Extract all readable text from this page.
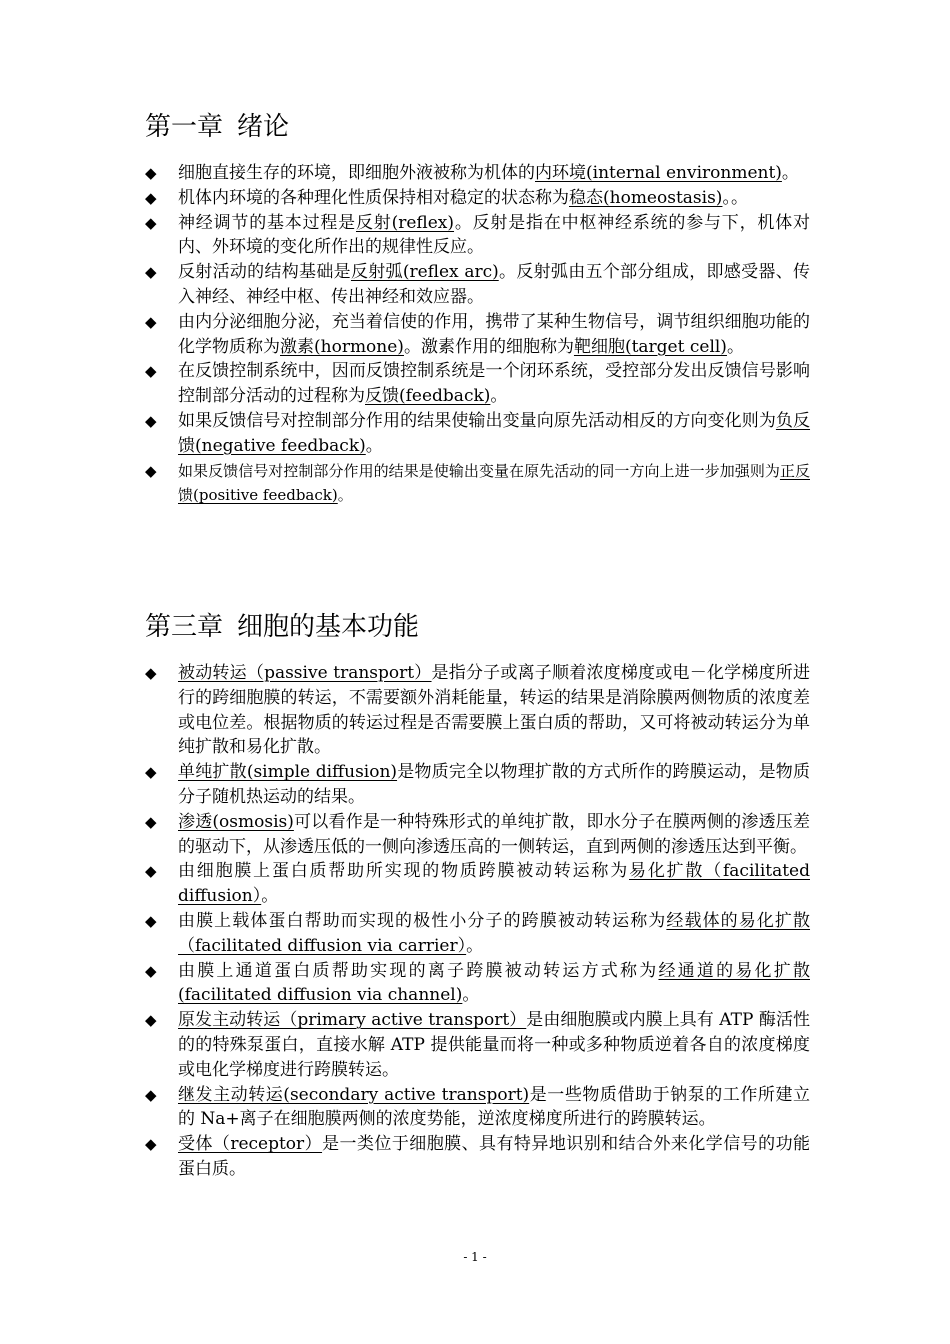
第一章 绪论
◆ 细胞直接生存的环境，即细胞外液被称为机体的内环境(internal environment)。
◆ 机体内环境的各种理化性质保持相对稳定的状态称为稳态(homeostasis)。。
◆ 神经调节的基本过程是反射(reflex)。反射是指在中枢神经系统的参与下，机体对内、外环境的变化所作出的规律性反应。
◆ 反射活动的结构基础是反射弧(reflex arc)。反射弧由五个部分组成，即感受器、传入神经、神经中枢、传出神经和效应器。
◆ 由内分泌细胞分泌，充当着信使的作用，携带了某种生物信号，调节组织细胞功能的化学物质称为激素(hormone)。激素作用的细胞称为靶细胞(target cell)。
◆ 在反馈控制系统中，因而反馈控制系统是一个闭环系统，受控部分发出反馈信号影响控制部分活动的过程称为反馈(feedback)。
◆ 如果反馈信号对控制部分作用的结果使输出变量向原先活动相反的方向变化则为负反馈(negative feedback)。
◆ 如果反馈信号对控制部分作用的结果是使输出变量在原先活动的同一方向上进一步加强则为正反馈(positive feedback)。
第三章 细胞的基本功能
◆ 被动转运（passive transport）是指分子或离子顺着浓度梯度或电－化学梯度所进行的跨细胞膜的转运，不需要额外消耗能量，转运的结果是消除膜两侧物质的浓度差或电位差。根据物质的转运过程是否需要膜上蛋白质的帮助，又可将被动转运分为单纯扩散和易化扩散。
◆ 单纯扩散(simple diffusion)是物质完全以物理扩散的方式所作的跨膜运动，是物质分子随机热运动的结果。
◆ 渗透(osmosis)可以看作是一种特殊形式的单纯扩散，即水分子在膜两侧的渗透压差的驱动下，从渗透压低的一侧向渗透压高的一侧转运，直到两侧的渗透压达到平衡。
◆ 由细胞膜上蛋白质帮助所实现的物质跨膜被动转运称为易化扩散（facilitated diffusion）。
◆ 由膜上载体蛋白帮助而实现的极性小分子的跨膜被动转运称为经载体的易化扩散（facilitated diffusion via carrier）。
◆ 由膜上通道蛋白质帮助实现的离子跨膜被动转运方式称为经通道的易化扩散(facilitated diffusion via channel)。
◆ 原发主动转运（primary active transport）是由细胞膜或内膜上具有 ATP 酶活性的的特殊泵蛋白，直接水解 ATP 提供能量而将一种或多种物质逆着各自的浓度梯度或电化学梯度进行跨膜转运。
◆ 继发主动转运(secondary active transport)是一些物质借助于钠泵的工作所建立的 Na+离子在细胞膜两侧的浓度势能，逆浓度梯度所进行的跨膜转运。
◆ 受体（receptor）是一类位于细胞膜、具有特异地识别和结合外来化学信号的功能蛋白质。
- 1 -
